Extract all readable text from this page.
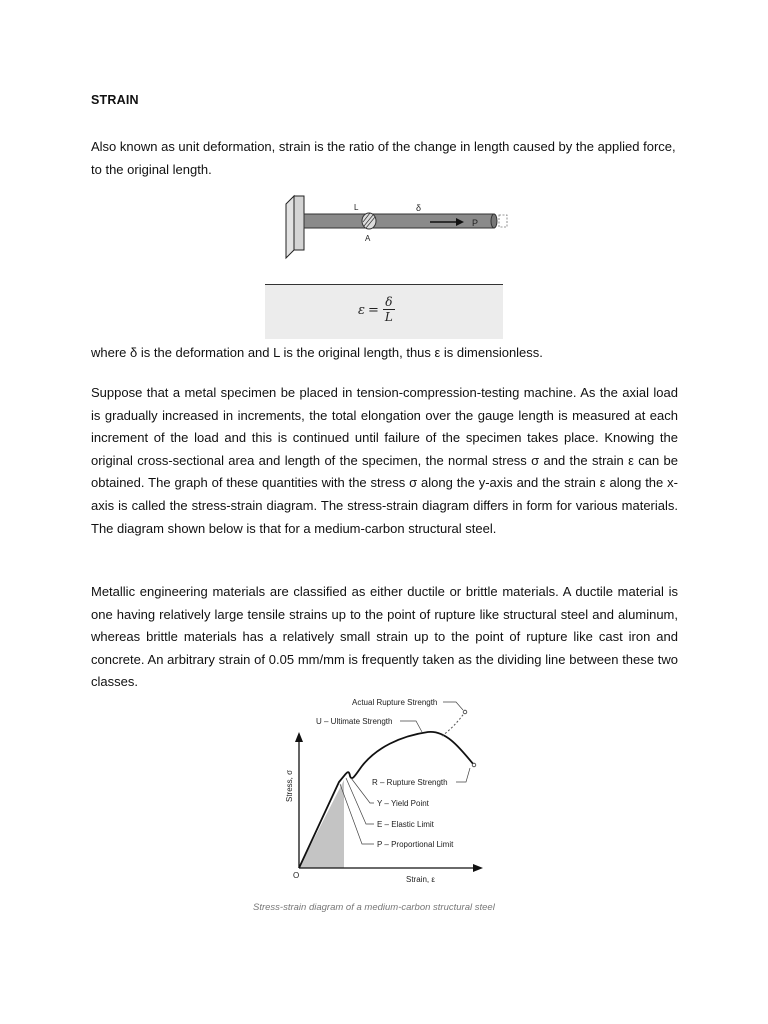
STRAIN

Also known as unit deformation, strain is the ratio of the change in length caused by the applied force, to the original length.

L	δ
A
P
$\varepsilon = \frac{\delta}{L}$

where δ is the deformation and L is the original length, thus ε is dimensionless.

Suppose that a metal specimen be placed in tension-compression-testing machine. As the axial load is gradually increased in increments, the total elongation over the gauge length is measured at each increment of the load and this is continued until failure of the specimen takes place. Knowing the original cross-sectional area and length of the specimen, the normal stress σ and the strain ε can be obtained. The graph of these quantities with the stress σ along the y-axis and the strain ε along the x-axis is called the stress-strain diagram. The stress-strain diagram differs in form for various materials. The diagram shown below is that for a medium-carbon structural steel.

Metallic engineering materials are classified as either ductile or brittle materials. A ductile material is one having relatively large tensile strains up to the point of rupture like structural steel and aluminum, whereas brittle materials has a relatively small strain up to the point of rupture like cast iron and concrete. An arbitrary strain of 0.05 mm/mm is frequently taken as the dividing line between these two classes.

Actual Rupture Strength
U – Ultimate Strength
R – Rupture Strength
Y – Yield Point
E – Elastic Limit
P – Proportional Limit
Stress, σ
Strain, ε
O
Stress-strain diagram of a medium-carbon structural steel
